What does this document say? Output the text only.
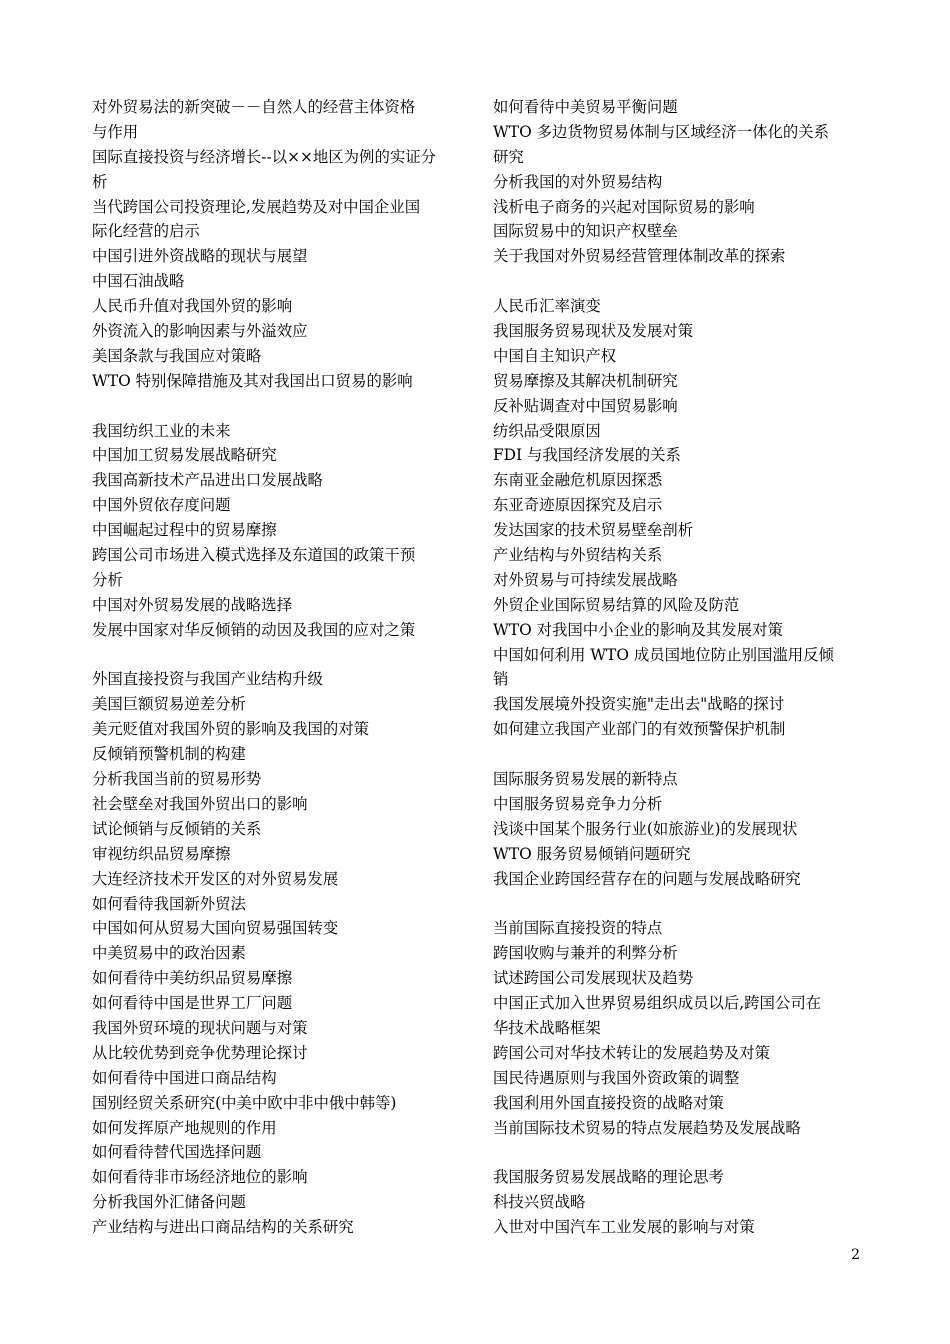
对外贸易法的新突破－－自然人的经营主体资格
与作用
国际直接投资与经济增长--以××地区为例的实证分
析
当代跨国公司投资理论,发展趋势及对中国企业国
际化经营的启示
中国引进外资战略的现状与展望
中国石油战略
人民币升值对我国外贸的影响
外资流入的影响因素与外溢效应
美国条款与我国应对策略
WTO 特别保障措施及其对我国出口贸易的影响
我国纺织工业的未来
中国加工贸易发展战略研究
我国高新技术产品进出口发展战略
中国外贸依存度问题
中国崛起过程中的贸易摩擦
跨国公司市场进入模式选择及东道国的政策干预
分析
中国对外贸易发展的战略选择
发展中国家对华反倾销的动因及我国的应对之策
外国直接投资与我国产业结构升级
美国巨额贸易逆差分析
美元贬值对我国外贸的影响及我国的对策
反倾销预警机制的构建
分析我国当前的贸易形势
社会壁垒对我国外贸出口的影响
试论倾销与反倾销的关系
审视纺织品贸易摩擦
大连经济技术开发区的对外贸易发展
如何看待我国新外贸法
中国如何从贸易大国向贸易强国转变
中美贸易中的政治因素
如何看待中美纺织品贸易摩擦
如何看待中国是世界工厂问题
我国外贸环境的现状问题与对策
从比较优势到竞争优势理论探讨
如何看待中国进口商品结构
国别经贸关系研究(中美中欧中非中俄中韩等)
如何发挥原产地规则的作用
如何看待替代国选择问题
如何看待非市场经济地位的影响
分析我国外汇储备问题
产业结构与进出口商品结构的关系研究
如何看待中美贸易平衡问题
WTO 多边货物贸易体制与区域经济一体化的关系
研究
分析我国的对外贸易结构
浅析电子商务的兴起对国际贸易的影响
国际贸易中的知识产权壁垒
关于我国对外贸易经营管理体制改革的探索
人民币汇率演变
我国服务贸易现状及发展对策
中国自主知识产权
贸易摩擦及其解决机制研究
反补贴调查对中国贸易影响
纺织品受限原因
FDI 与我国经济发展的关系
东南亚金融危机原因探悉
东亚奇迹原因探究及启示
发达国家的技术贸易壁垒剖析
产业结构与外贸结构关系
对外贸易与可持续发展战略
外贸企业国际贸易结算的风险及防范
WTO 对我国中小企业的影响及其发展对策
中国如何利用 WTO 成员国地位防止别国滥用反倾
销
我国发展境外投资实施"走出去"战略的探讨
如何建立我国产业部门的有效预警保护机制
国际服务贸易发展的新特点
中国服务贸易竞争力分析
浅谈中国某个服务行业(如旅游业)的发展现状
WTO 服务贸易倾销问题研究
我国企业跨国经营存在的问题与发展战略研究
当前国际直接投资的特点
跨国收购与兼并的利弊分析
试述跨国公司发展现状及趋势
中国正式加入世界贸易组织成员以后,跨国公司在
华技术战略框架
跨国公司对华技术转让的发展趋势及对策
国民待遇原则与我国外资政策的调整
我国利用外国直接投资的战略对策
当前国际技术贸易的特点发展趋势及发展战略
我国服务贸易发展战略的理论思考
科技兴贸战略
入世对中国汽车工业发展的影响与对策
2
